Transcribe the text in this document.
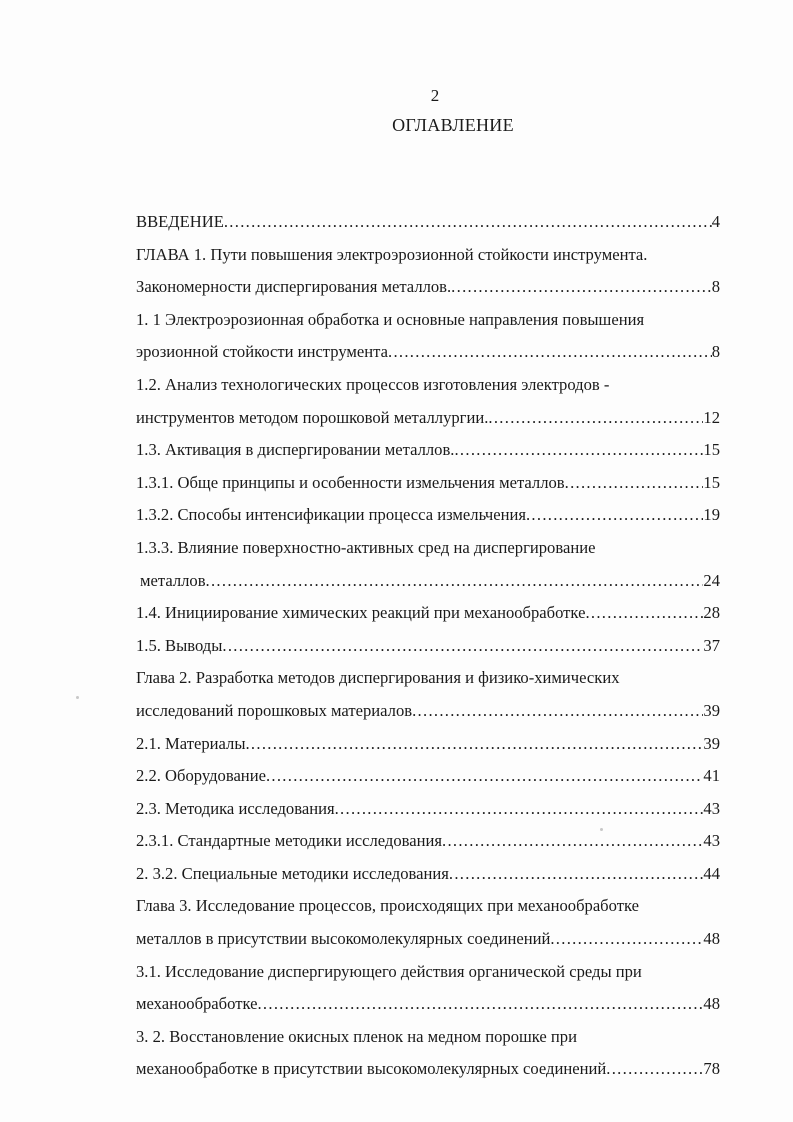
2
ОГЛАВЛЕНИЕ
ВВЕДЕНИЕ .....	4
ГЛАВА 1. Пути повышения электроэрозионной стойкости инструмента.
Закономерности диспергирования металлов. .....	8
1. 1 Электроэрозионная обработка и основные направления повышения
эрозионной стойкости инструмента .....	8
1.2. Анализ технологических процессов изготовления электродов -
инструментов методом порошковой металлургии. .....	12
1.3. Активация в диспергировании металлов. .....	15
1.3.1. Обще принципы и особенности измельчения металлов .....	15
1.3.2. Способы интенсификации процесса измельчения .....	19
1.3.3. Влияние поверхностно-активных сред на диспергирование
металлов .....	24
1.4. Инициирование химических реакций при механообработке .....	28
1.5. Выводы .....	37
Глава 2. Разработка методов диспергирования и физико-химических
исследований порошковых материалов .....	39
2.1. Материалы .....	39
2.2. Оборудование .....	41
2.3. Методика исследования .....	43
2.3.1. Стандартные методики исследования .....	43
2. 3.2. Специальные методики исследования .....	44
Глава 3. Исследование процессов, происходящих при механообработке
металлов в присутствии высокомолекулярных соединений .....	48
3.1. Исследование диспергирующего действия органической среды при
механообработке .....	48
3. 2. Восстановление окисных пленок на медном порошке при
механообработке в присутствии высокомолекулярных соединений .....	78
